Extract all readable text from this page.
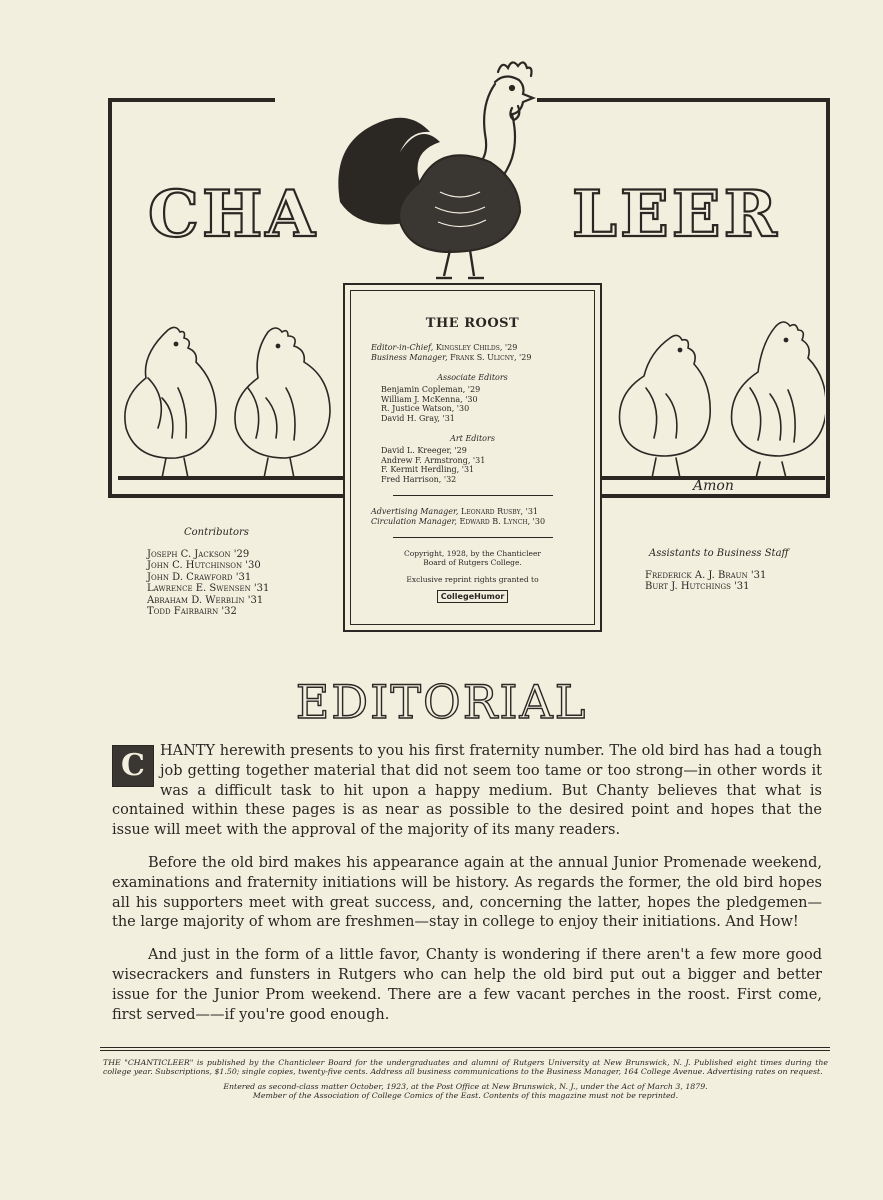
CHA	LEER
Amon
THE ROOST
Editor-in-Chief, Kingsley Childs, '29
Business Manager, Frank S. Ulicny, '29
Associate Editors
Benjamin Copleman, '29
William J. McKenna, '30
R. Justice Watson, '30
David H. Gray, '31
Art Editors
David L. Kreeger, '29
Andrew F. Armstrong, '31
F. Kermit Herdling, '31
Fred Harrison, '32
Advertising Manager, Leonard Rusby, '31
Circulation Manager, Edward B. Lynch, '30
Copyright, 1928, by the Chanticleer
Board of Rutgers College.
Exclusive reprint rights granted to
CollegeHumor
Contributors
Joseph C. Jackson '29
John C. Hutchinson '30
John D. Crawford '31
Lawrence E. Swensen '31
Abraham D. Werblin '31
Todd Fairbairn '32
Assistants to Business Staff
Frederick A. J. Braun '31
Burt J. Hutchings '31
EDITORIAL

C	HANTY herewith presents to you his first fraternity number. The old bird has had a tough job getting together material that did not seem too tame or too strong—in other words it was a difficult task to hit upon a happy medium. But Chanty believes that what is contained within these pages is as near as possible to the desired point and hopes that the issue will meet with the approval of the majority of its many readers.

Before the old bird makes his appearance again at the annual Junior Promenade weekend, examinations and fraternity initiations will be history. As regards the former, the old bird hopes all his supporters meet with great success, and, concerning the latter, hopes the pledgemen—the large majority of whom are freshmen—stay in college to enjoy their initiations. And How!

And just in the form of a little favor, Chanty is wondering if there aren't a few more good wisecrackers and funsters in Rutgers who can help the old bird put out a bigger and better issue for the Junior Prom weekend. There are a few vacant perches in the roost. First come, first served——if you're good enough.

THE "CHANTICLEER" is published by the Chanticleer Board for the undergraduates and alumni of Rutgers University at New Brunswick, N. J. Published eight times during the college year. Subscriptions, $1.50; single copies, twenty-five cents. Address all business communications to the Business Manager, 164 College Avenue. Advertising rates on request.
Entered as second-class matter October, 1923, at the Post Office at New Brunswick, N. J., under the Act of March 3, 1879.
Member of the Association of College Comics of the East. Contents of this magazine must not be reprinted.
